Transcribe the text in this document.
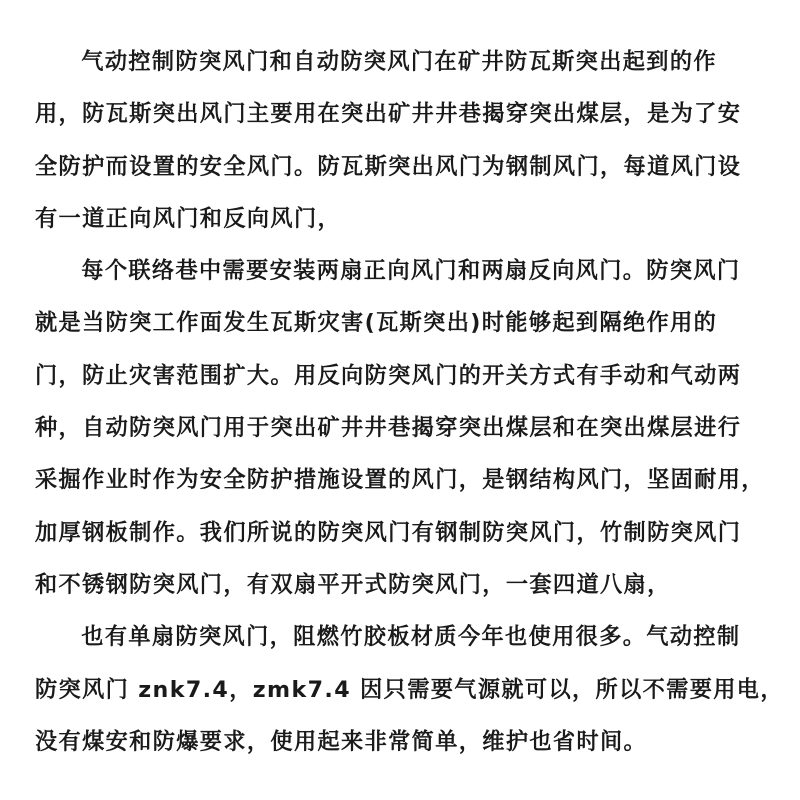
气动控制防突风门和自动防突风门在矿井防瓦斯突出起到的作
用，防瓦斯突出风门主要用在突出矿井井巷揭穿突出煤层，是为了安
全防护而设置的安全风门。防瓦斯突出风门为钢制风门，每道风门设
有一道正向风门和反向风门，
每个联络巷中需要安装两扇正向风门和两扇反向风门。防突风门
就是当防突工作面发生瓦斯灾害(瓦斯突出)时能够起到隔绝作用的
门，防止灾害范围扩大。用反向防突风门的开关方式有手动和气动两
种，自动防突风门用于突出矿井井巷揭穿突出煤层和在突出煤层进行
采掘作业时作为安全防护措施设置的风门，是钢结构风门，坚固耐用，
加厚钢板制作。我们所说的防突风门有钢制防突风门，竹制防突风门
和不锈钢防突风门，有双扇平开式防突风门，一套四道八扇，
也有单扇防突风门，阻燃竹胶板材质今年也使用很多。气动控制
防突风门 znk7.4，zmk7.4 因只需要气源就可以，所以不需要用电，
没有煤安和防爆要求，使用起来非常简单，维护也省时间。
